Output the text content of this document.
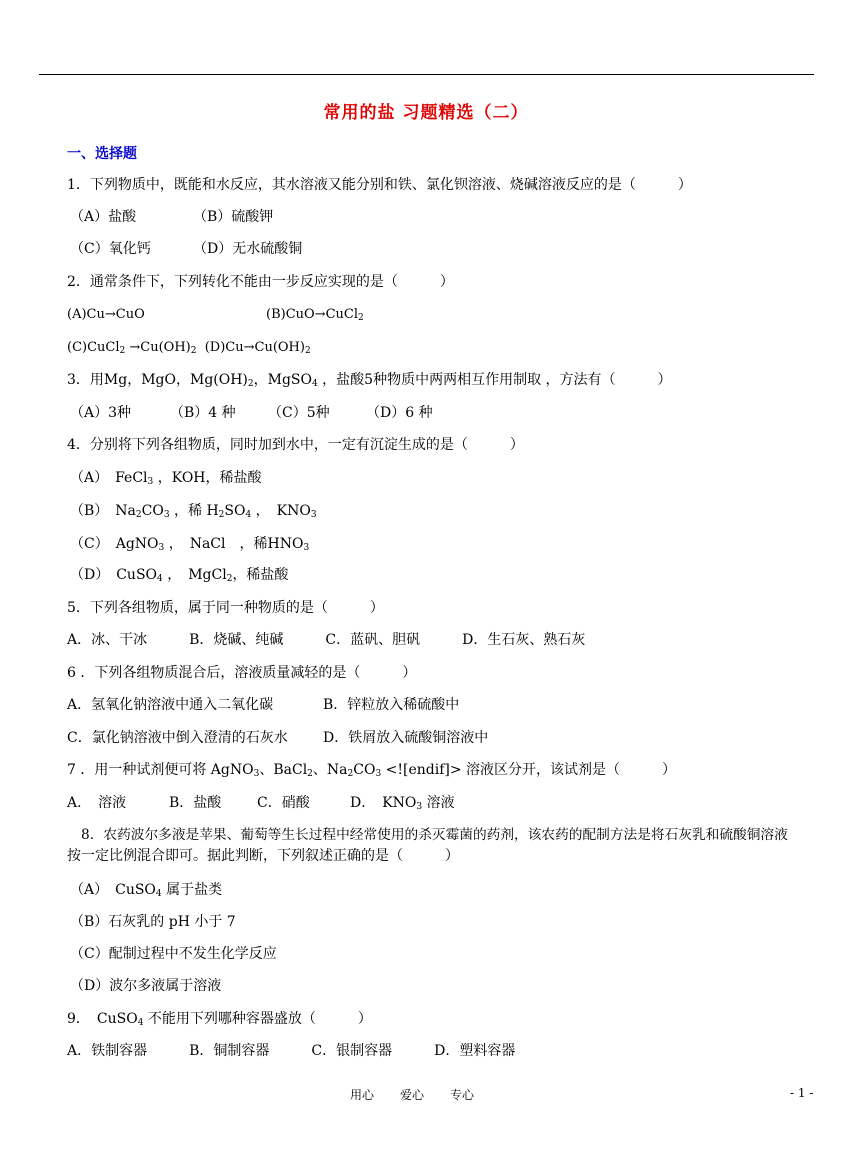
常用的盐 习题精选（二）
一、选择题
1．下列物质中，既能和水反应，其水溶液又能分别和铁、氯化钡溶液、烧碱溶液反应的是（　　　）
（A）盐酸	（B）硫酸钾
（C）氧化钙	（D）无水硫酸铜
2．通常条件下，下列转化不能由一步反应实现的是（　　　）
(A)Cu→CuO	(B)CuO→CuCl$_2$
(C)CuCl$_2$ $\to Cu(OH)_2$ $(D)Cu\to Cu(OH)_2$
3．用Mg，MgO，$Mg(OH)_2$，MgSO$_4$ ，盐酸5种物质中两两相互作用制取 ，方法有（　　　）
（A）3种	（B）4 种 （C）5种	（D）6 种
4．分别将下列各组物质，同时加到水中，一定有沉淀生成的是（　　　）
（A）　FeCl$_3$ ，KOH，稀盐酸
（B）　$Na_2CO_3$ ，稀 $H_2SO_4$ ，　$KNO_3$
（C）　AgNO$_3$ ，　NaCl　，稀$HNO_3$
（D）　CuSO$_4$ ，　MgCl$_2$，稀盐酸
5．下列各组物质，属于同一种物质的是（　　　）
A．冰、干冰　　　B．烧碱、纯碱　　　C．蓝矾、胆矾　　　D．生石灰、熟石灰
6 ．下列各组物质混合后，溶液质量减轻的是（　　　）
A．氢氧化钠溶液中通入二氧化碳	B．锌粒放入稀硫酸中
C．氯化钠溶液中倒入澄清的石灰水	D．铁屑放入硫酸铜溶液中
7 ．用一种试剂便可将 AgNO$_3$、BaCl$_2$、$Na_2CO_3$ <![endif]> 溶液区分开，该试剂是（　　　）
A．　溶液	B．盐酸	C．硝酸	D．　$KNO_3$ 溶液
8．农药波尔多液是苹果、葡萄等生长过程中经常使用的杀灭霉菌的药剂，该农药的配制方法是将石灰乳和硫酸铜溶液
按一定比例混合即可。据此判断，下列叙述正确的是（　　　）
（A）　CuSO$_4$ 属于盐类
（B）石灰乳的 pH 小于 7
（C）配制过程中不发生化学反应
（D）波尔多液属于溶液
9．　CuSO$_4$ 不能用下列哪种容器盛放（　　　）
A．铁制容器　　　B．铜制容器　　　C．银制容器　　　D．塑料容器
用心 爱心 专心	- 1 -
